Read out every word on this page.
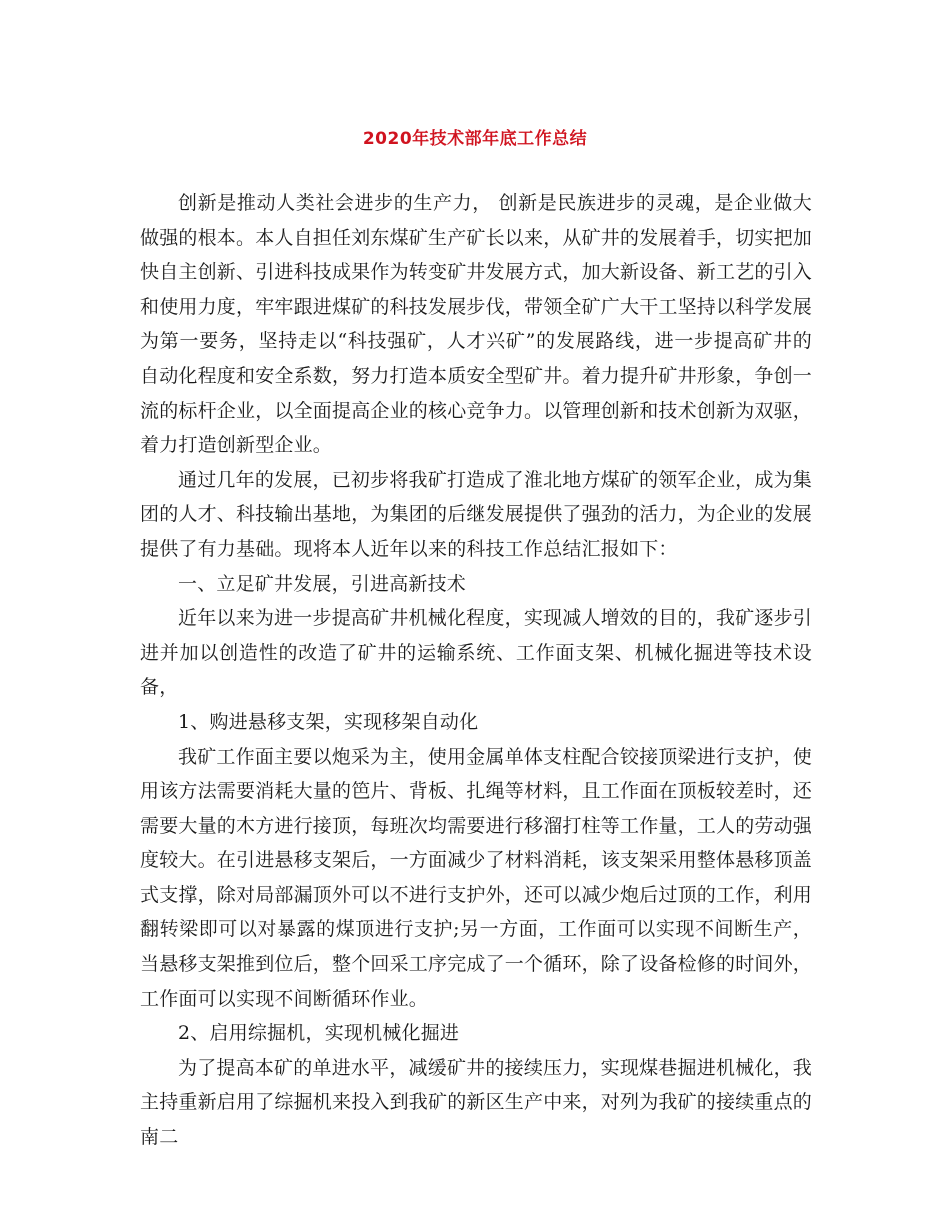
2020年技术部年底工作总结

创新是推动人类社会进步的生产力， 创新是民族进步的灵魂，是企业做大做强的根本。本人自担任刘东煤矿生产矿长以来，从矿井的发展着手，切实把加快自主创新、引进科技成果作为转变矿井发展方式，加大新设备、新工艺的引入和使用力度，牢牢跟进煤矿的科技发展步伐，带领全矿广大干工坚持以科学发展为第一要务，坚持走以“科技强矿，人才兴矿”的发展路线，进一步提高矿井的自动化程度和安全系数，努力打造本质安全型矿井。着力提升矿井形象，争创一流的标杆企业，以全面提高企业的核心竞争力。以管理创新和技术创新为双驱，着力打造创新型企业。

通过几年的发展，已初步将我矿打造成了淮北地方煤矿的领军企业，成为集团的人才、科技输出基地，为集团的后继发展提供了强劲的活力，为企业的发展提供了有力基础。现将本人近年以来的科技工作总结汇报如下：

一、立足矿井发展，引进高新技术

近年以来为进一步提高矿井机械化程度，实现减人增效的目的，我矿逐步引进并加以创造性的改造了矿井的运输系统、工作面支架、机械化掘进等技术设备，

1、购进悬移支架，实现移架自动化

我矿工作面主要以炮采为主，使用金属单体支柱配合铰接顶梁进行支护，使用该方法需要消耗大量的笆片、背板、扎绳等材料，且工作面在顶板较差时，还需要大量的木方进行接顶，每班次均需要进行移溜打柱等工作量，工人的劳动强度较大。在引进悬移支架后，一方面减少了材料消耗，该支架采用整体悬移顶盖式支撑，除对局部漏顶外可以不进行支护外，还可以减少炮后过顶的工作，利用翻转梁即可以对暴露的煤顶进行支护;另一方面，工作面可以实现不间断生产，当悬移支架推到位后，整个回采工序完成了一个循环，除了设备检修的时间外，工作面可以实现不间断循环作业。

2、启用综掘机，实现机械化掘进

为了提高本矿的单进水平，减缓矿井的接续压力，实现煤巷掘进机械化，我主持重新启用了综掘机来投入到我矿的新区生产中来，对列为我矿的接续重点的南二
